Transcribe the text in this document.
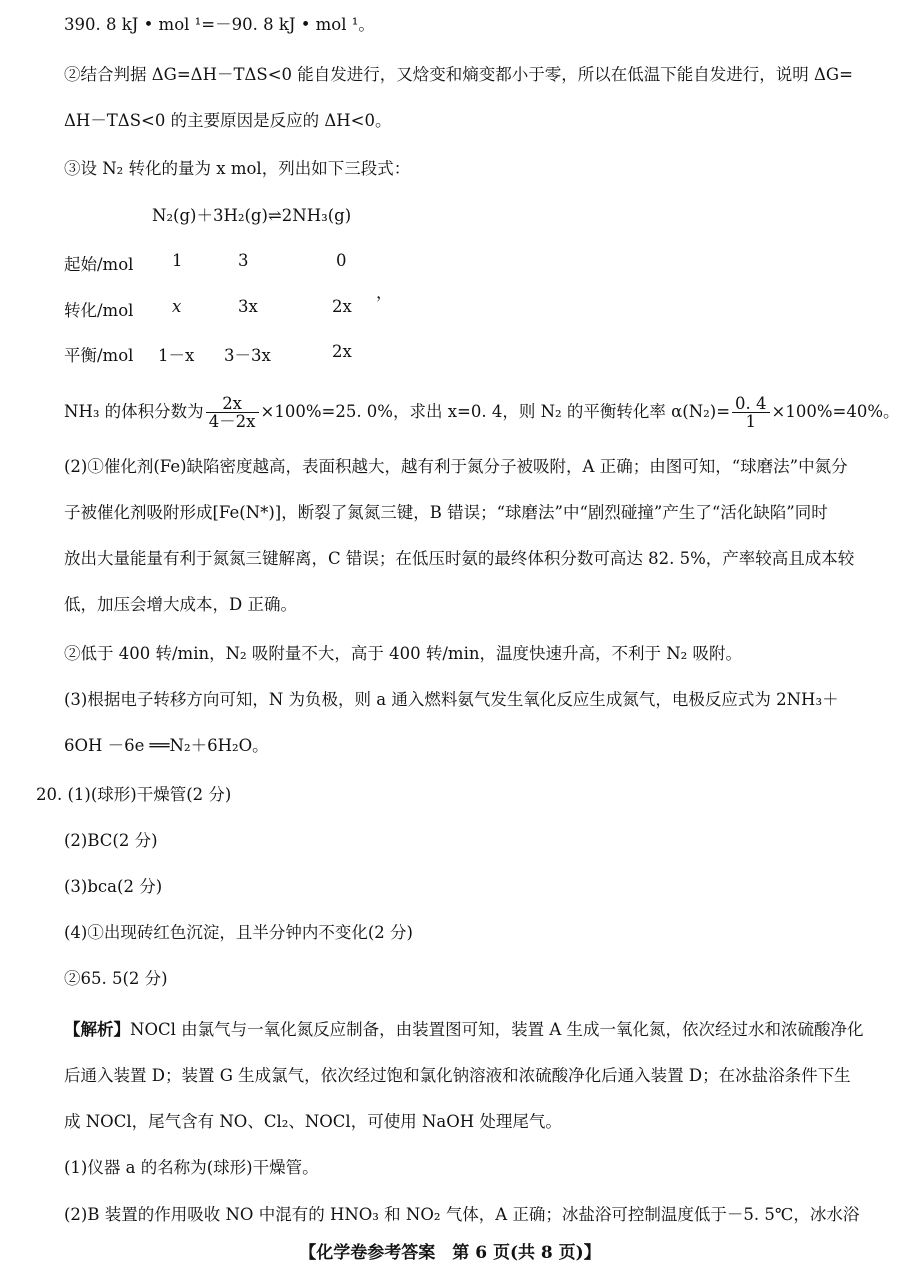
390. 8 kJ • mol ¹=－90. 8 kJ • mol ¹。
②结合判据 ΔG=ΔH－TΔS<0 能自发进行，又焓变和熵变都小于零，所以在低温下能自发进行，说明 ΔG=
ΔH－TΔS<0 的主要原因是反应的 ΔH<0。
③设 N₂ 转化的量为 x mol，列出如下三段式：
N₂(g)＋3H₂(g)⇌2NH₃(g)
起始/mol 1	3	0
转化/mol x	3x	2x
，
平衡/mol 1－x 3－3x	2x
NH₃ 的体积分数为 $\frac{2x}{4-2x} \times 100\%=25$. 0%，求出 x=0. 4，则 N₂ 的平衡转化率 $\alpha(N_2)= \frac{0. 4}{1} \times 100\%=40\%$。
(2)①催化剂(Fe)缺陷密度越高，表面积越大，越有利于氮分子被吸附，A 正确；由图可知，“球磨法”中氮分
子被催化剂吸附形成[Fe(N*)]，断裂了氮氮三键，B 错误；“球磨法”中“剧烈碰撞”产生了“活化缺陷”同时
放出大量能量有利于氮氮三键解离，C 错误；在低压时氨的最终体积分数可高达 82. 5%，产率较高且成本较
低，加压会增大成本，D 正确。
②低于 400 转/min，N₂ 吸附量不大，高于 400 转/min，温度快速升高，不利于 N₂ 吸附。
(3)根据电子转移方向可知，N 为负极，则 a 通入燃料氨气发生氧化反应生成氮气，电极反应式为 2NH₃＋
6OH －6e ══N₂＋6H₂O。
20. (1)(球形)干燥管(2 分)
(2)BC(2 分)
(3)bca(2 分)
(4)①出现砖红色沉淀，且半分钟内不变化(2 分)
②65. 5(2 分)
【解析】NOCl 由氯气与一氧化氮反应制备，由装置图可知，装置 A 生成一氧化氮，依次经过水和浓硫酸净化
后通入装置 D；装置 G 生成氯气，依次经过饱和氯化钠溶液和浓硫酸净化后通入装置 D；在冰盐浴条件下生
成 NOCl，尾气含有 NO、Cl₂、NOCl，可使用 NaOH 处理尾气。
(1)仪器 a 的名称为(球形)干燥管。
(2)B 装置的作用吸收 NO 中混有的 HNO₃ 和 NO₂ 气体，A 正确；冰盐浴可控制温度低于－5. 5℃，冰水浴
【化学卷参考答案　第 6 页(共 8 页)】
